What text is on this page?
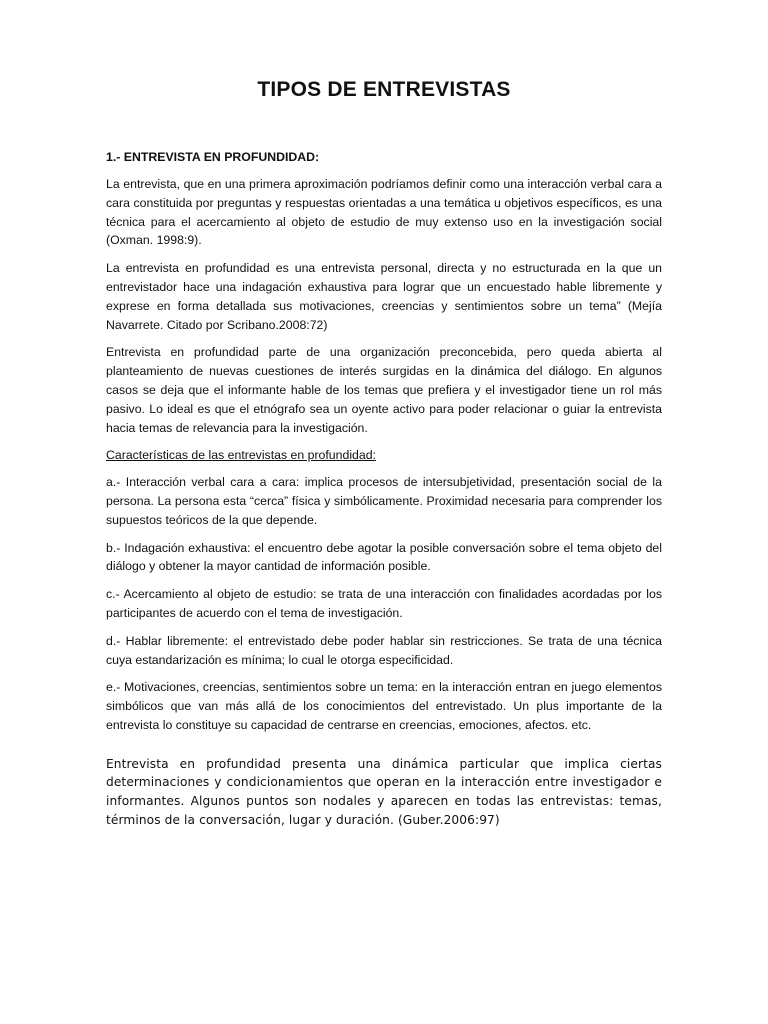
TIPOS DE ENTREVISTAS
1.- ENTREVISTA EN PROFUNDIDAD:

La entrevista, que en una primera aproximación podríamos definir como una interacción verbal cara a cara constituida por preguntas y respuestas orientadas a una temática u objetivos específicos, es una técnica para el acercamiento al objeto de estudio de muy extenso uso en la investigación social (Oxman. 1998:9).

La entrevista en profundidad es una entrevista personal, directa y no estructurada en la que un entrevistador hace una indagación exhaustiva para lograr que un encuestado hable libremente y exprese en forma detallada sus motivaciones, creencias y sentimientos sobre un tema” (Mejía Navarrete. Citado por Scribano.2008:72)

Entrevista en profundidad parte de una organización preconcebida, pero queda abierta al planteamiento de nuevas cuestiones de interés surgidas en la dinámica del diálogo. En algunos casos se deja que el informante hable de los temas que prefiera y el investigador tiene un rol más pasivo. Lo ideal es que el etnógrafo sea un oyente activo para poder relacionar o guiar la entrevista hacia temas de relevancia para la investigación.

Características de las entrevistas en profundidad:

a.- Interacción verbal cara a cara: implica procesos de intersubjetividad, presentación social de la persona. La persona esta “cerca” física y simbólicamente. Proximidad necesaria para comprender los supuestos teóricos de la que depende.

b.- Indagación exhaustiva: el encuentro debe agotar la posible conversación sobre el tema objeto del diálogo y obtener la mayor cantidad de información posible.

c.- Acercamiento al objeto de estudio: se trata de una interacción con finalidades acordadas por los participantes de acuerdo con el tema de investigación.

d.- Hablar libremente: el entrevistado debe poder hablar sin restricciones. Se trata de una técnica cuya estandarización es mínima; lo cual le otorga especificidad.

e.- Motivaciones, creencias, sentimientos sobre un tema: en la interacción entran en juego elementos simbólicos que van más allá de los conocimientos del entrevistado. Un plus importante de la entrevista lo constituye su capacidad de centrarse en creencias, emociones, afectos. etc.

Entrevista en profundidad presenta una dinámica particular que implica ciertas determinaciones y condicionamientos que operan en la interacción entre investigador e informantes. Algunos puntos son nodales y aparecen en todas las entrevistas: temas, términos de la conversación, lugar y duración. (Guber.2006:97)
